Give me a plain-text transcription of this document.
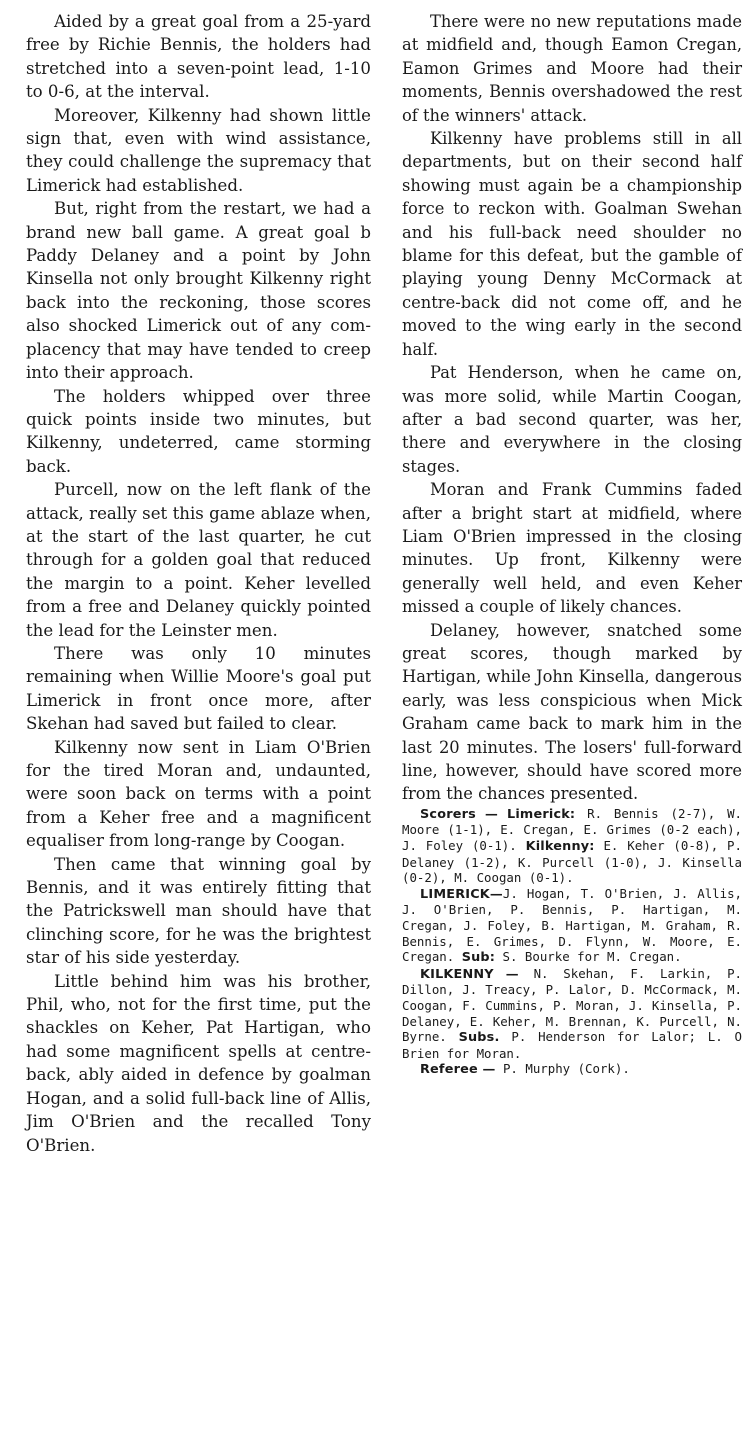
Aided by a great goal from a 25-yard free by Richie Bennis, the holders had stretched into a seven-point lead, 1-10 to 0-6, at the interval.

Moreover, Kilkenny had shown little sign that, even with wind assistance, they could challenge the supremacy that Limerick had established.

But, right from the restart, we had a brand new ball game. A great goal b Paddy Delaney and a point by John Kinsella not only brought Kilkenny right back into the reckoning, those scores also shocked Limerick out of any complacency that may have tended to creep into their approach.

The holders whipped over three quick points inside two minutes, but Kilkenny, undeterred, came storming back.

Purcell, now on the left flank of the attack, really set this game ablaze when, at the start of the last quarter, he cut through for a golden goal that reduced the margin to a point. Keher levelled from a free and Delaney quickly pointed the lead for the Leinster men.

There was only 10 minutes remaining when Willie Moore's goal put Limerick in front once more, after Skehan had saved but failed to clear.

Kilkenny now sent in Liam O'Brien for the tired Moran and, undaunted, were soon back on terms with a point from a Keher free and a magnificent equaliser from long-range by Coogan.

Then came that winning goal by Bennis, and it was entirely fitting that the Patrickswell man should have that clinching score, for he was the brightest star of his side yesterday.

Little behind him was his brother, Phil, who, not for the first time, put the shackles on Keher, Pat Hartigan, who had some magnificent spells at centre-back, ably aided in defence by goalman Hogan, and a solid full-back line of Allis, Jim O'Brien and the recalled Tony O'Brien.

There were no new reputations made at midfield and, though Eamon Cregan, Eamon Grimes and Moore had their moments, Bennis overshadowed the rest of the winners' attack.

Kilkenny have problems still in all departments, but on their second half showing must again be a championship force to reckon with. Goalman Swehan and his full-back need shoulder no blame for this defeat, but the gamble of playing young Denny McCormack at centre-back did not come off, and he moved to the wing early in the second half.

Pat Henderson, when he came on, was more solid, while Martin Coogan, after a bad second quarter, was her, there and everywhere in the closing stages.

Moran and Frank Cummins faded after a bright start at midfield, where Liam O'Brien impressed in the closing minutes. Up front, Kilkenny were generally well held, and even Keher missed a couple of likely chances.

Delaney, however, snatched some great scores, though marked by Hartigan, while John Kinsella, dangerous early, was less conspicious when Mick Graham came back to mark him in the last 20 minutes. The losers' full-forward line, however, should have scored more from the chances presented.

Scorers — Limerick: R. Bennis (2-7), W. Moore (1-1), E. Cregan, E. Grimes (0-2 each), J. Foley (0-1). Kilkenny: E. Keher (0-8), P. Delaney (1-2), K. Purcell (1-0), J. Kinsella (0-2), M. Coogan (0-1).

LIMERICK—J. Hogan, T. O'Brien, J. Allis, J. O'Brien, P. Bennis, P. Hartigan, M. Cregan, J. Foley, B. Hartigan, M. Graham, R. Bennis, E. Grimes, D. Flynn, W. Moore, E. Cregan. Sub: S. Bourke for M. Cregan.

KILKENNY — N. Skehan, F. Larkin, P. Dillon, J. Treacy, P. Lalor, D. McCormack, M. Coogan, F. Cummins, P. Moran, J. Kinsella, P. Delaney, E. Keher, M. Brennan, K. Purcell, N. Byrne. Subs. P. Henderson for Lalor; L. O Brien for Moran.

Referee — P. Murphy (Cork).
